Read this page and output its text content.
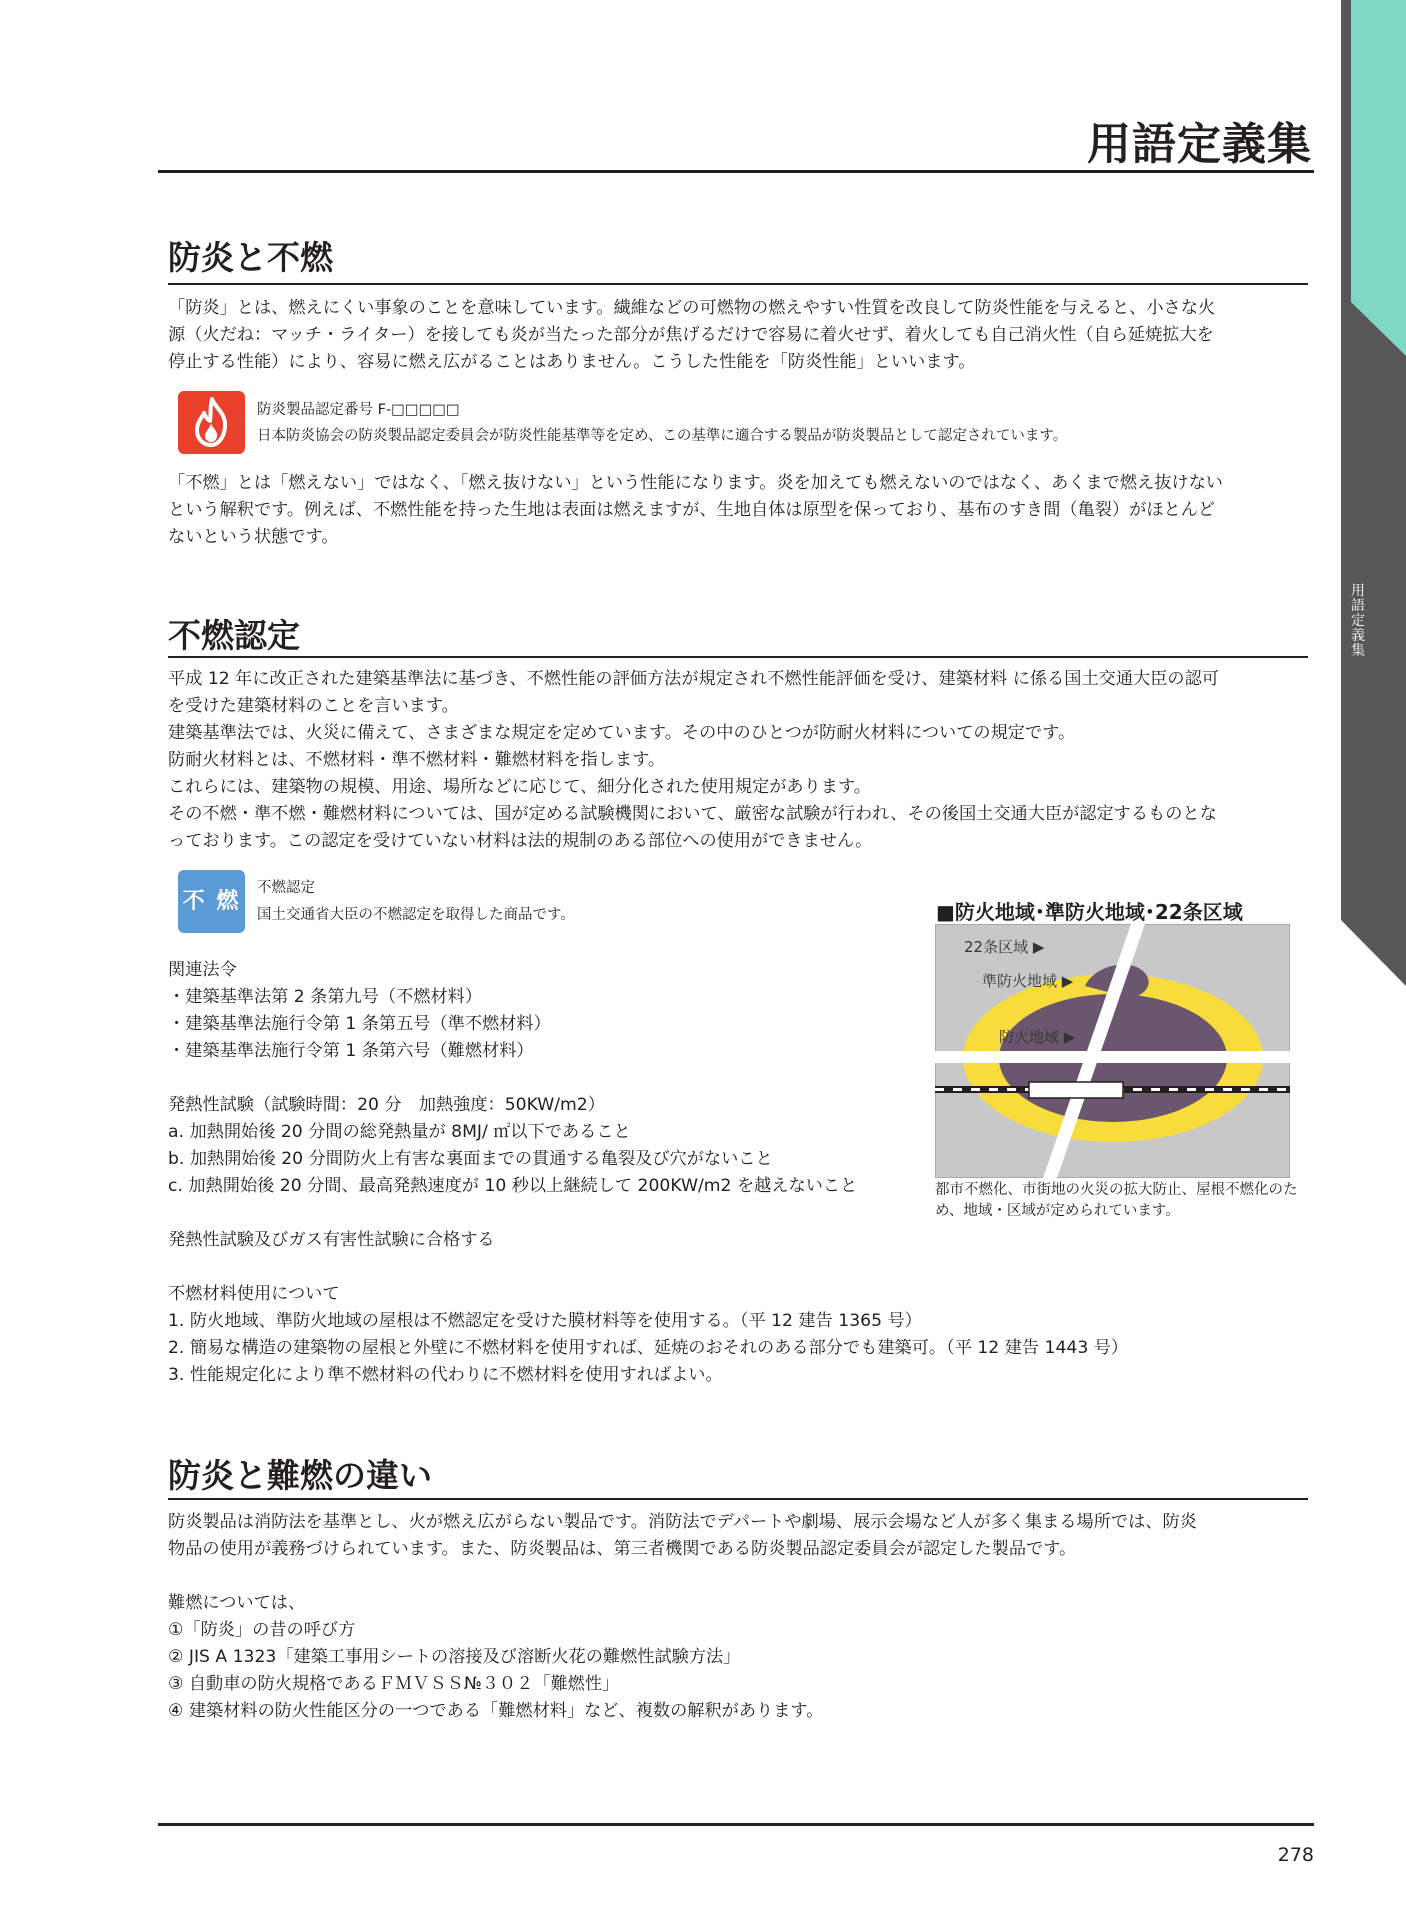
用
語
定
義
集
用語定義集
防炎と不燃
「防炎」とは、燃えにくい事象のことを意味しています。繊維などの可燃物の燃えやすい性質を改良して防炎性能を与えると、小さな火
源（火だね：マッチ・ライター）を接しても炎が当たった部分が焦げるだけで容易に着火せず、着火しても自己消火性（自ら延焼拡大を
停止する性能）により、容易に燃え広がることはありません。こうした性能を「防炎性能」といいます。
防炎製品認定番号 F-□□□□□
日本防炎協会の防炎製品認定委員会が防炎性能基準等を定め、この基準に適合する製品が防炎製品として認定されています。
「不燃」とは「燃えない」ではなく、「燃え抜けない」という性能になります。炎を加えても燃えないのではなく、あくまで燃え抜けない
という解釈です。例えば、不燃性能を持った生地は表面は燃えますが、生地自体は原型を保っており、基布のすき間（亀裂）がほとんど
ないという状態です。
不燃認定
平成 12 年に改正された建築基準法に基づき、不燃性能の評価方法が規定され不燃性能評価を受け、建築材料 に係る国土交通大臣の認可
を受けた建築材料のことを言います。
建築基準法では、火災に備えて、さまざまな規定を定めています。その中のひとつが防耐火材料についての規定です。
防耐火材料とは、不燃材料・準不燃材料・難燃材料を指します。
これらには、建築物の規模、用途、場所などに応じて、細分化された使用規定があります。
その不燃・準不燃・難燃材料については、国が定める試験機関において、厳密な試験が行われ、その後国土交通大臣が認定するものとな
っております。この認定を受けていない材料は法的規制のある部位への使用ができません。
不 燃
不燃認定
国土交通省大臣の不燃認定を取得した商品です。
関連法令
・建築基準法第 2 条第九号（不燃材料）
・建築基準法施行令第 1 条第五号（準不燃材料）
・建築基準法施行令第 1 条第六号（難燃材料）
発熱性試験（試験時間：20 分　加熱強度：50KW/m2）
a. 加熱開始後 20 分間の総発熱量が 8MJ/ ㎡以下であること
b. 加熱開始後 20 分間防火上有害な裏面までの貫通する亀裂及び穴がないこと
c. 加熱開始後 20 分間、最高発熱速度が 10 秒以上継続して 200KW/m2 を越えないこと
発熱性試験及びガス有害性試験に合格する
不燃材料使用について
1. 防火地域、準防火地域の屋根は不燃認定を受けた膜材料等を使用する。（平 12 建告 1365 号）
2. 簡易な構造の建築物の屋根と外壁に不燃材料を使用すれば、延焼のおそれのある部分でも建築可。（平 12 建告 1443 号）
3. 性能規定化により準不燃材料の代わりに不燃材料を使用すればよい。
■防火地域･準防火地域･22条区域
22条区域 ▶
準防火地域 ▶
防火地域 ▶
都市不燃化、市街地の火災の拡大防止、屋根不燃化のため、地域・区域が定められています。
防炎と難燃の違い
防炎製品は消防法を基準とし、火が燃え広がらない製品です。消防法でデパートや劇場、展示会場など人が多く集まる場所では、防炎
物品の使用が義務づけられています。また、防炎製品は、第三者機関である防炎製品認定委員会が認定した製品です。
難燃については、
①「防炎」の昔の呼び方
② JIS A 1323「建築工事用シートの溶接及び溶断火花の難燃性試験方法」
③ 自動車の防火規格であるＦＭＶＳＳ№３０２「難燃性」
④ 建築材料の防火性能区分の一つである「難燃材料」など、複数の解釈があります。
278
